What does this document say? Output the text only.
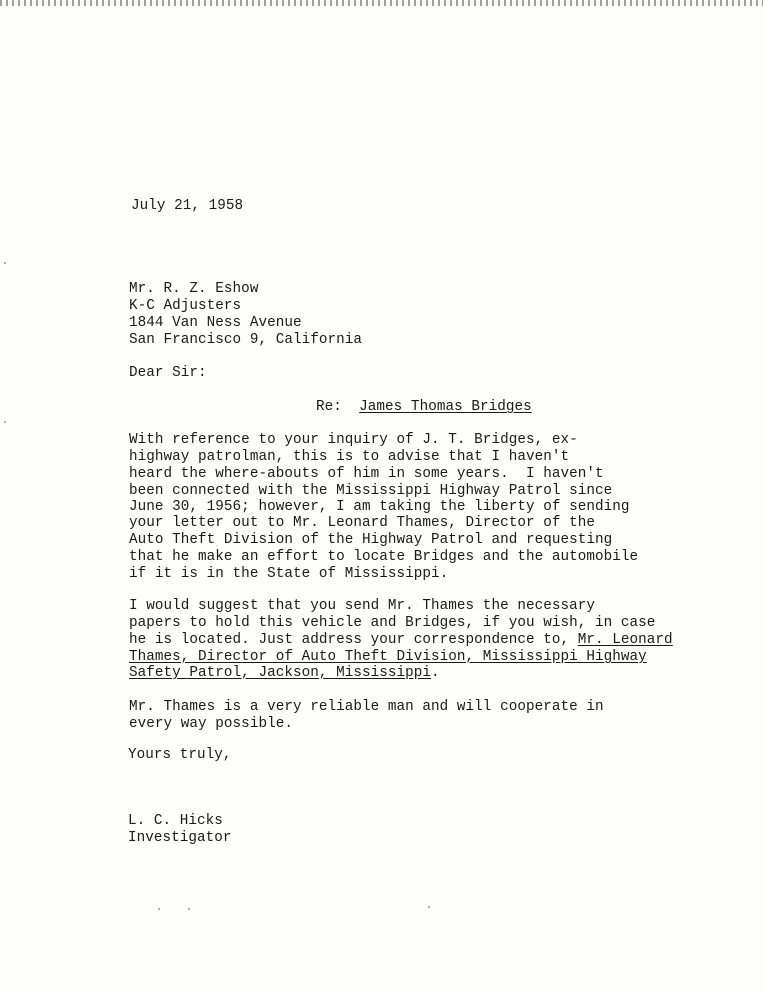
July 21, 1958
Mr. R. Z. Eshow
K-C Adjusters
1844 Van Ness Avenue
San Francisco 9, California
Dear Sir:
Re: James Thomas Bridges
With reference to your inquiry of J. T. Bridges, ex-
highway patrolman, this is to advise that I haven't
heard the where-abouts of him in some years.  I haven't
been connected with the Mississippi Highway Patrol since
June 30, 1956; however, I am taking the liberty of sending
your letter out to Mr. Leonard Thames, Director of the
Auto Theft Division of the Highway Patrol and requesting
that he make an effort to locate Bridges and the automobile
if it is in the State of Mississippi.
I would suggest that you send Mr. Thames the necessary
papers to hold this vehicle and Bridges, if you wish, in case
he is located. Just address your correspondence to, Mr. Leonard
Thames, Director of Auto Theft Division, Mississippi Highway
Safety Patrol, Jackson, Mississippi.
Mr. Thames is a very reliable man and will cooperate in
every way possible.
Yours truly,
L. C. Hicks
Investigator
